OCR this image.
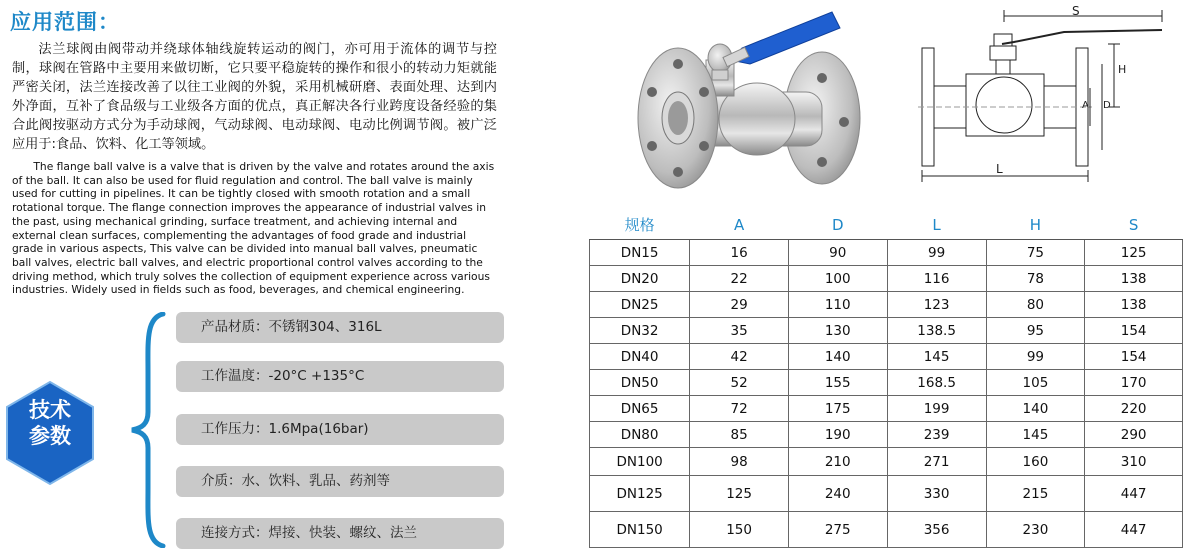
应用范围：
法兰球阀由阀带动并绕球体轴线旋转运动的阀门，亦可用于流体的调节与控制，球阀在管路中主要用来做切断，它只要平稳旋转的操作和很小的转动力矩就能严密关闭，法兰连接改善了以往工业阀的外貌，采用机械研磨、表面处理、达到内外净面，互补了食品级与工业级各方面的优点，真正解决各行业跨度设备经验的集合此阀按驱动方式分为手动球阀，气动球阀、电动球阀、电动比例调节阀。被广泛应用于:食品、饮料、化工等领域。
The flange ball valve is a valve that is driven by the valve and rotates around the axis of the ball. It can also be used for fluid regulation and control. The ball valve is mainly used for cutting in pipelines. It can be tightly closed with smooth rotation and a small rotational torque. The flange connection improves the appearance of industrial valves in the past, using mechanical grinding, surface treatment, and achieving internal and external clean surfaces, complementing the advantages of food grade and industrial grade in various aspects, This valve can be divided into manual ball valves, pneumatic ball valves, electric ball valves, and electric proportional control valves according to the driving method, which truly solves the collection of equipment experience across various industries. Widely used in fields such as food, beverages, and chemical engineering.
技术
参数
产品材质：不锈钢304、316L
工作温度：-20°C +135°C
工作压力：1.6Mpa(16bar)
介质：水、饮料、乳品、药剂等
连接方式：焊接、快装、螺纹、法兰
S
H
A D
L
规格	A	D	L	H	S
DN15	16	90	99	75	125
DN20	22	100	116	78	138
DN25	29	110	123	80	138
DN32	35	130	138.5	95	154
DN40	42	140	145	99	154
DN50	52	155	168.5	105	170
DN65	72	175	199	140	220
DN80	85	190	239	145	290
DN100	98	210	271	160	310
DN125	125	240	330	215	447
DN150	150	275	356	230	447
